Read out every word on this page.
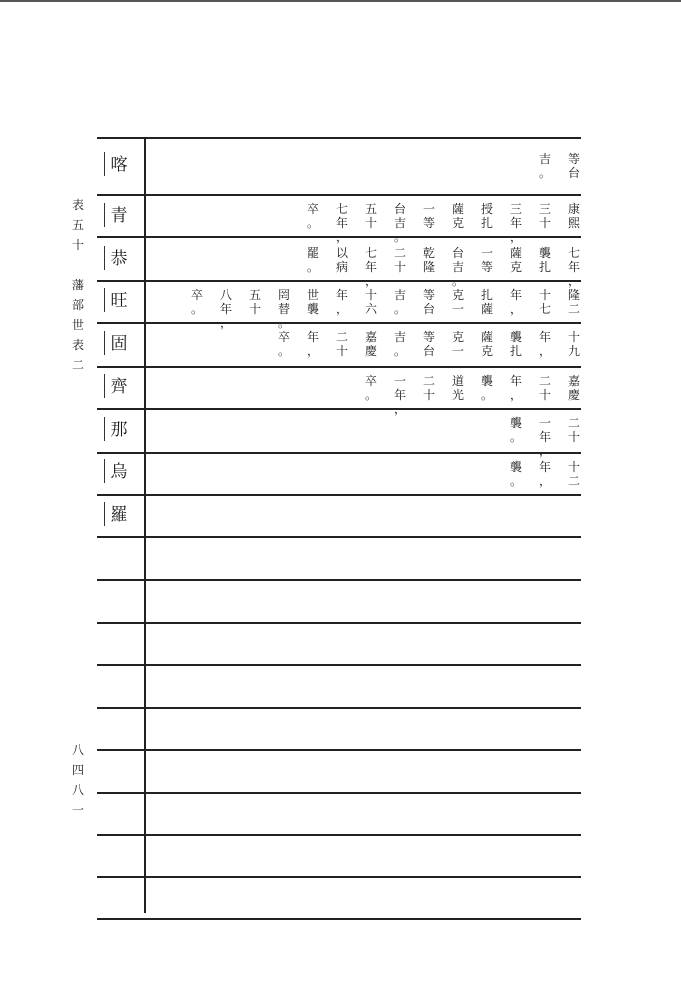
表
五
十

藩
部
世
表
二
八
四
八
一
喀
青
恭
旺
固
齊
那
烏
羅
等
台
吉
。
康
熙
三
十
三
年
，
授
扎
薩
克
一
等
台
吉
。
五
十
七
年
，
卒
。
七
年
，
襲
扎
薩
克
一
等
台
吉
。
乾
隆
二
十
七
年
，
以
病
罷
。
隆
二
十
七
年
，
扎
薩
克
一
等
台
吉
。
十
六
年
，
世
襲
罔
替
。
五
十
八
年
，
卒
。
十
九
年
，
襲
扎
薩
克
克
一
等
台
吉
。
嘉
慶
二
十
年
，
卒
。
嘉
慶
二
十
年
，
襲
。
道
光
二
十
一
年
，
卒
。
二
十
一
年
，
襲
。
十
二
年
，
襲
。
